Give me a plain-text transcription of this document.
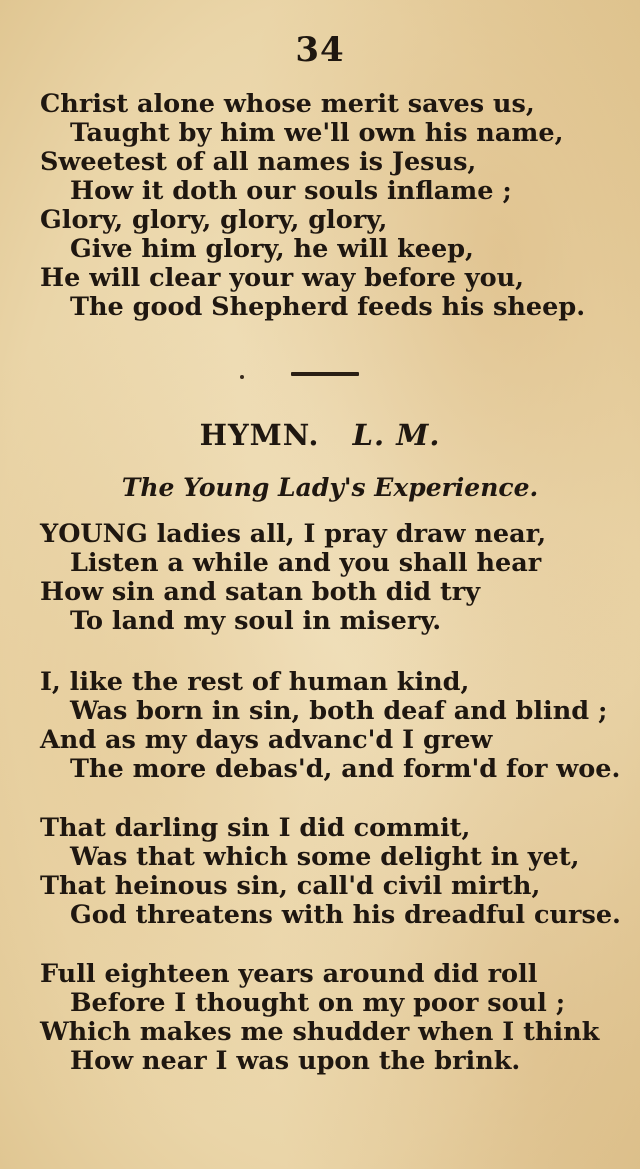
34
Christ alone whose merit saves us,
Taught by him we'll own his name,
Sweetest of all names is Jesus,
How it doth our souls inflame ;
Glory, glory, glory, glory,
Give him glory, he will keep,
He will clear your way before you,
The good Shepherd feeds his sheep.
HYMN. L. M.
The Young Lady's Experience.
YOUNG ladies all, I pray draw near,
Listen a while and you shall hear
How sin and satan both did try
To land my soul in misery.
I, like the rest of human kind,
Was born in sin, both deaf and blind ;
And as my days advanc'd I grew
The more debas'd, and form'd for woe.
That darling sin I did commit,
Was that which some delight in yet,
That heinous sin, call'd civil mirth,
God threatens with his dreadful curse.
Full eighteen years around did roll
Before I thought on my poor soul ;
Which makes me shudder when I think
How near I was upon the brink.
